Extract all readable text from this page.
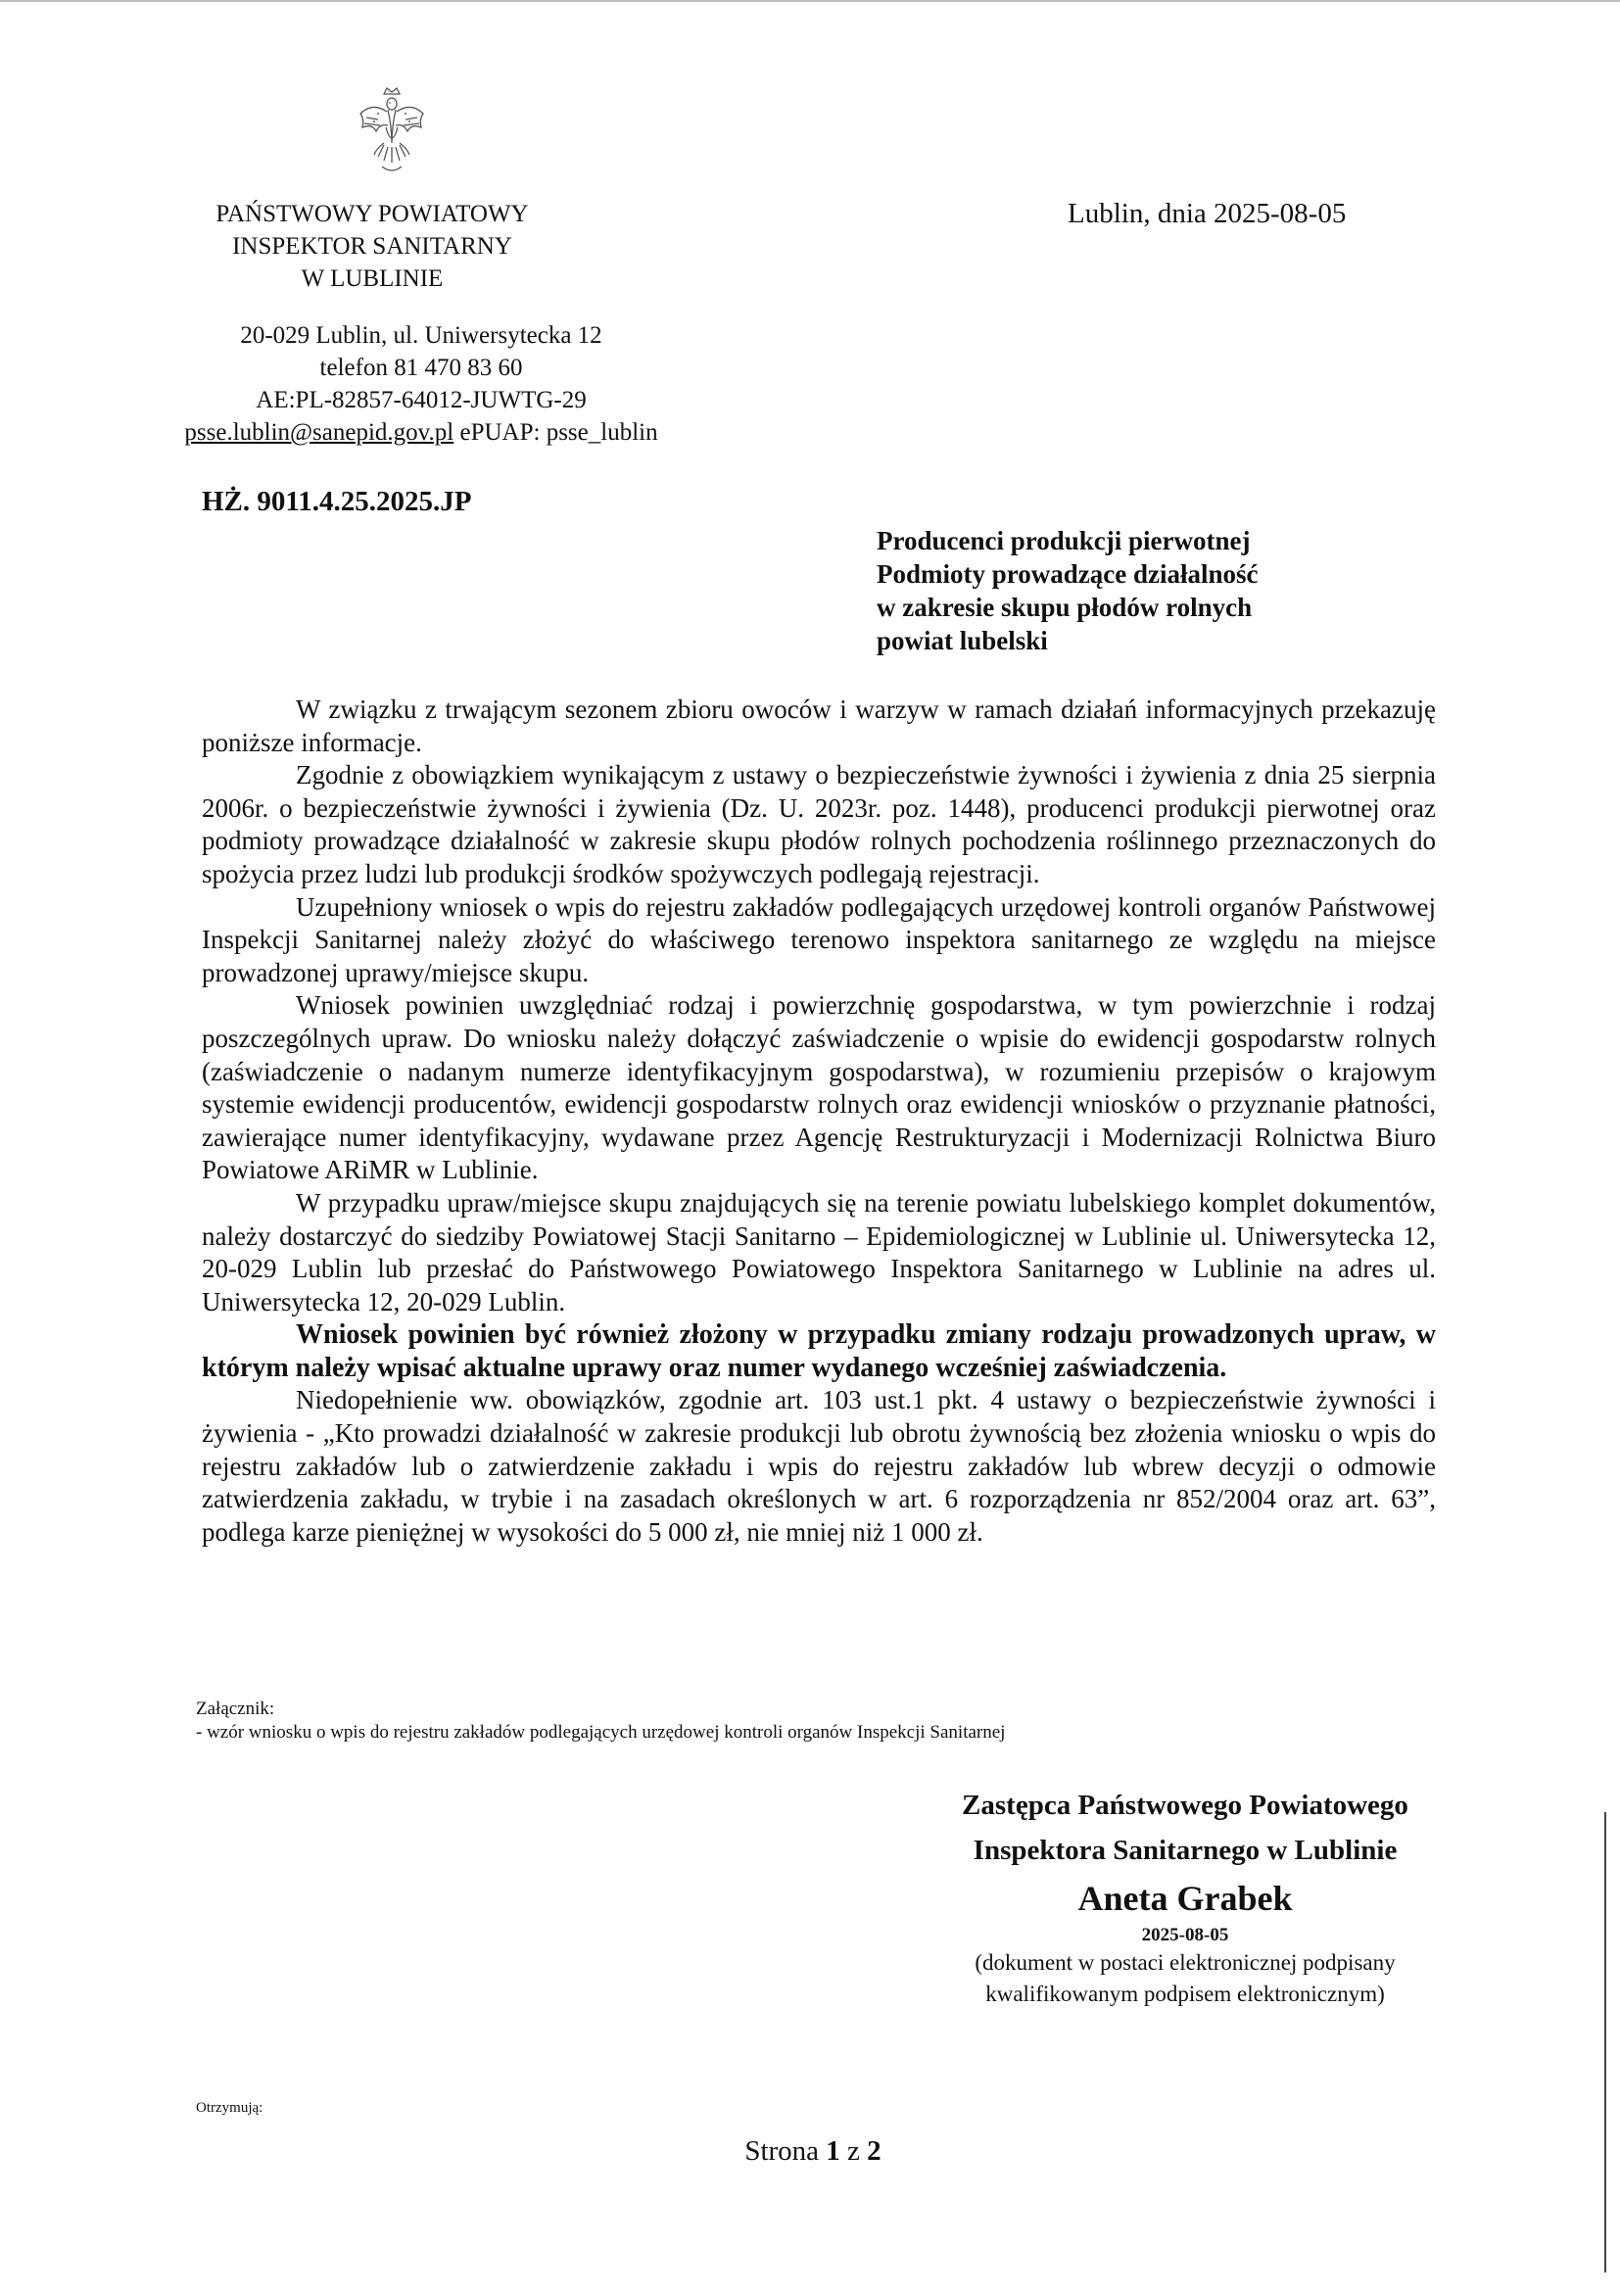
PAŃSTWOWY POWIATOWY
INSPEKTOR SANITARNY
W LUBLINIE
Lublin, dnia 2025-08-05
20-029 Lublin, ul. Uniwersytecka 12
telefon 81 470 83 60
AE:PL-82857-64012-JUWTG-29
psse.lublin@sanepid.gov.pl ePUAP: psse_lublin
HŻ. 9011.4.25.2025.JP
Producenci produkcji pierwotnej
Podmioty prowadzące działalność
w zakresie skupu płodów rolnych
powiat lubelski

W związku z trwającym sezonem zbioru owoców i warzyw w ramach działań informacyjnych przekazuję poniższe informacje.

Zgodnie z obowiązkiem wynikającym z ustawy o bezpieczeństwie żywności i żywienia z dnia 25 sierpnia 2006r. o bezpieczeństwie żywności i żywienia (Dz. U. 2023r. poz. 1448), producenci produkcji pierwotnej oraz podmioty prowadzące działalność w zakresie skupu płodów rolnych pochodzenia roślinnego przeznaczonych do spożycia przez ludzi lub produkcji środków spożywczych podlegają rejestracji.

Uzupełniony wniosek o wpis do rejestru zakładów podlegających urzędowej kontroli organów Państwowej Inspekcji Sanitarnej należy złożyć do właściwego terenowo inspektora sanitarnego ze względu na miejsce prowadzonej uprawy/miejsce skupu.

Wniosek powinien uwzględniać rodzaj i powierzchnię gospodarstwa, w tym powierzchnie i rodzaj poszczególnych upraw. Do wniosku należy dołączyć zaświadczenie o wpisie do ewidencji gospodarstw rolnych (zaświadczenie o nadanym numerze identyfikacyjnym gospodarstwa), w rozumieniu przepisów o krajowym systemie ewidencji producentów, ewidencji gospodarstw rolnych oraz ewidencji wniosków o przyznanie płatności, zawierające numer identyfikacyjny, wydawane przez Agencję Restrukturyzacji i Modernizacji Rolnictwa Biuro Powiatowe ARiMR w Lublinie.

W przypadku upraw/miejsce skupu znajdujących się na terenie powiatu lubelskiego komplet dokumentów, należy dostarczyć do siedziby Powiatowej Stacji Sanitarno – Epidemiologicznej w Lublinie ul. Uniwersytecka 12, 20-029 Lublin lub przesłać do Państwowego Powiatowego Inspektora Sanitarnego w Lublinie na adres ul. Uniwersytecka 12, 20-029 Lublin.

Wniosek powinien być również złożony w przypadku zmiany rodzaju prowadzonych upraw, w którym należy wpisać aktualne uprawy oraz numer wydanego wcześniej zaświadczenia.

Niedopełnienie ww. obowiązków, zgodnie art. 103 ust.1 pkt. 4 ustawy o bezpieczeństwie żywności i żywienia - „Kto prowadzi działalność w zakresie produkcji lub obrotu żywnością bez złożenia wniosku o wpis do rejestru zakładów lub o zatwierdzenie zakładu i wpis do rejestru zakładów lub wbrew decyzji o odmowie zatwierdzenia zakładu, w trybie i na zasadach określonych w art. 6 rozporządzenia nr 852/2004 oraz art. 63”, podlega karze pieniężnej w wysokości do 5 000 zł, nie mniej niż 1 000 zł.

Załącznik:
- wzór wniosku o wpis do rejestru zakładów podlegających urzędowej kontroli organów Inspekcji Sanitarnej
Zastępca Państwowego Powiatowego
Inspektora Sanitarnego w Lublinie
Aneta Grabek
2025-08-05
(dokument w postaci elektronicznej podpisany
kwalifikowanym podpisem elektronicznym)
Otrzymują:
Strona 1 z 2
